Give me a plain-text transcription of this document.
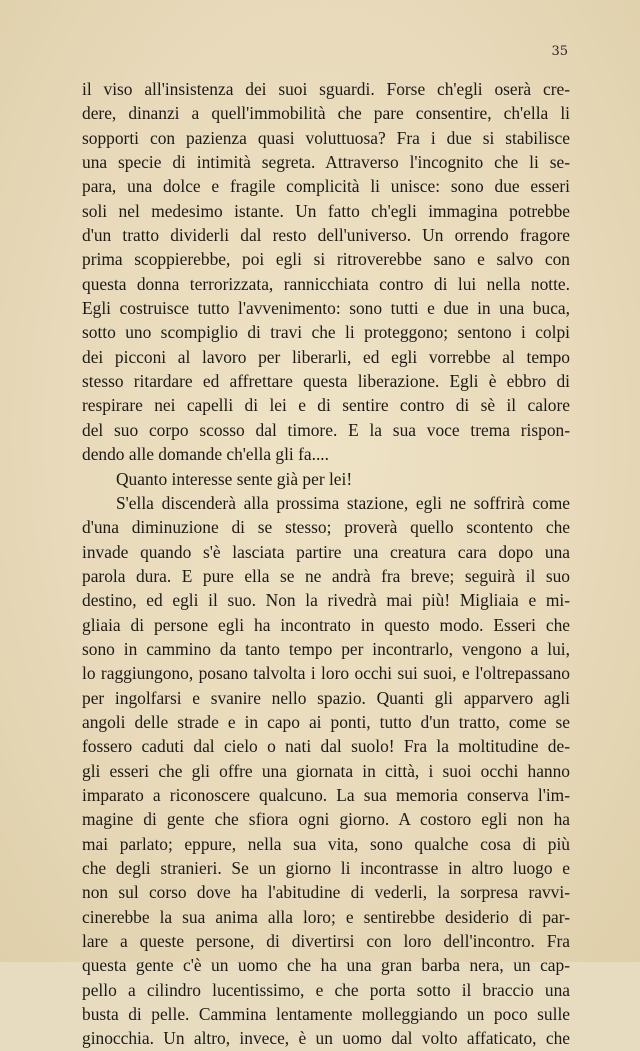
35
il viso all'insistenza dei suoi sguardi. Forse ch'egli oserà cre-
dere, dinanzi a quell'immobilità che pare consentire, ch'ella li
sopporti con pazienza quasi voluttuosa? Fra i due si stabilisce
una specie di intimità segreta. Attraverso l'incognito che li se-
para, una dolce e fragile complicità li unisce: sono due esseri
soli nel medesimo istante. Un fatto ch'egli immagina potrebbe
d'un tratto dividerli dal resto dell'universo. Un orrendo fragore
prima scoppierebbe, poi egli si ritroverebbe sano e salvo con
questa donna terrorizzata, rannicchiata contro di lui nella notte.
Egli costruisce tutto l'avvenimento: sono tutti e due in una buca,
sotto uno scompiglio di travi che li proteggono; sentono i colpi
dei picconi al lavoro per liberarli, ed egli vorrebbe al tempo
stesso ritardare ed affrettare questa liberazione. Egli è ebbro di
respirare nei capelli di lei e di sentire contro di sè il calore
del suo corpo scosso dal timore. E la sua voce trema rispon-
dendo alle domande ch'ella gli fa....
Quanto interesse sente già per lei!
S'ella discenderà alla prossima stazione, egli ne soffrirà come
d'una diminuzione di se stesso; proverà quello scontento che
invade quando s'è lasciata partire una creatura cara dopo una
parola dura. E pure ella se ne andrà fra breve; seguirà il suo
destino, ed egli il suo. Non la rivedrà mai più! Migliaia e mi-
gliaia di persone egli ha incontrato in questo modo. Esseri che
sono in cammino da tanto tempo per incontrarlo, vengono a lui,
lo raggiungono, posano talvolta i loro occhi sui suoi, e l'oltrepassano
per ingolfarsi e svanire nello spazio. Quanti gli apparvero agli
angoli delle strade e in capo ai ponti, tutto d'un tratto, come se
fossero caduti dal cielo o nati dal suolo! Fra la moltitudine de-
gli esseri che gli offre una giornata in città, i suoi occhi hanno
imparato a riconoscere qualcuno. La sua memoria conserva l'im-
magine di gente che sfiora ogni giorno. A costoro egli non ha
mai parlato; eppure, nella sua vita, sono qualche cosa di più
che degli stranieri. Se un giorno li incontrasse in altro luogo e
non sul corso dove ha l'abitudine di vederli, la sorpresa ravvi-
cinerebbe la sua anima alla loro; e sentirebbe desiderio di par-
lare a queste persone, di divertirsi con loro dell'incontro. Fra
questa gente c'è un uomo che ha una gran barba nera, un cap-
pello a cilindro lucentissimo, e che porta sotto il braccio una
busta di pelle. Cammina lentamente molleggiando un poco sulle
ginocchia. Un altro, invece, è un uomo dal volto affaticato, che
